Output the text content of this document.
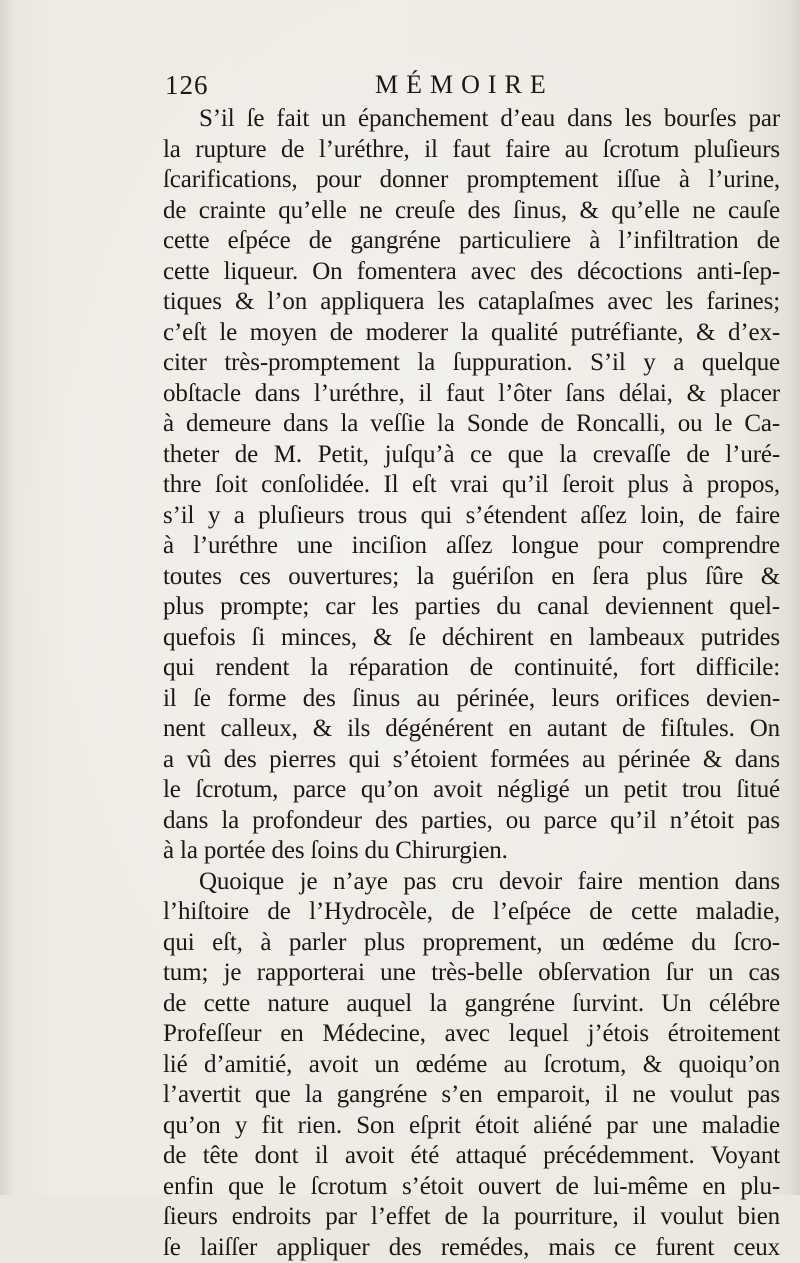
126	MÉMOIRE
S’il ſe fait un épanchement d’eau dans les bourſes par
la rupture de l’uréthre, il faut faire au ſcrotum pluſieurs
ſcarifications, pour donner promptement iſſue à l’urine,
de crainte qu’elle ne creuſe des ſinus, & qu’elle ne cauſe
cette eſpéce de gangréne particuliere à l’infiltration de
cette liqueur. On fomentera avec des décoctions anti-ſep-
tiques & l’on appliquera les cataplaſmes avec les farines;
c’eſt le moyen de moderer la qualité putréfiante, & d’ex-
citer très-promptement la ſuppuration. S’il y a quelque
obſtacle dans l’uréthre, il faut l’ôter ſans délai, & placer
à demeure dans la veſſie la Sonde de Roncalli, ou le Ca-
theter de M. Petit, juſqu’à ce que la crevaſſe de l’uré-
thre ſoit conſolidée. Il eſt vrai qu’il ſeroit plus à propos,
s’il y a pluſieurs trous qui s’étendent aſſez loin, de faire
à l’uréthre une inciſion aſſez longue pour comprendre
toutes ces ouvertures; la guériſon en ſera plus ſûre &
plus prompte; car les parties du canal deviennent quel-
quefois ſi minces, & ſe déchirent en lambeaux putrides
qui rendent la réparation de continuité, fort difficile:
il ſe forme des ſinus au périnée, leurs orifices devien-
nent calleux, & ils dégénérent en autant de fiſtules. On
a vû des pierres qui s’étoient formées au périnée & dans
le ſcrotum, parce qu’on avoit négligé un petit trou ſitué
dans la profondeur des parties, ou parce qu’il n’étoit pas
à la portée des ſoins du Chirurgien.
Quoique je n’aye pas cru devoir faire mention dans
l’hiſtoire de l’Hydrocèle, de l’eſpéce de cette maladie,
qui eſt, à parler plus proprement, un œdéme du ſcro-
tum; je rapporterai une très-belle obſervation ſur un cas
de cette nature auquel la gangréne ſurvint. Un célébre
Profeſſeur en Médecine, avec lequel j’étois étroitement
lié d’amitié, avoit un œdéme au ſcrotum, & quoiqu’on
l’avertit que la gangréne s’en emparoit, il ne voulut pas
qu’on y fit rien. Son eſprit étoit aliéné par une maladie
de tête dont il avoit été attaqué précédemment. Voyant
enfin que le ſcrotum s’étoit ouvert de lui-même en plu-
ſieurs endroits par l’effet de la pourriture, il voulut bien
ſe laiſſer appliquer des remédes, mais ce furent ceux
